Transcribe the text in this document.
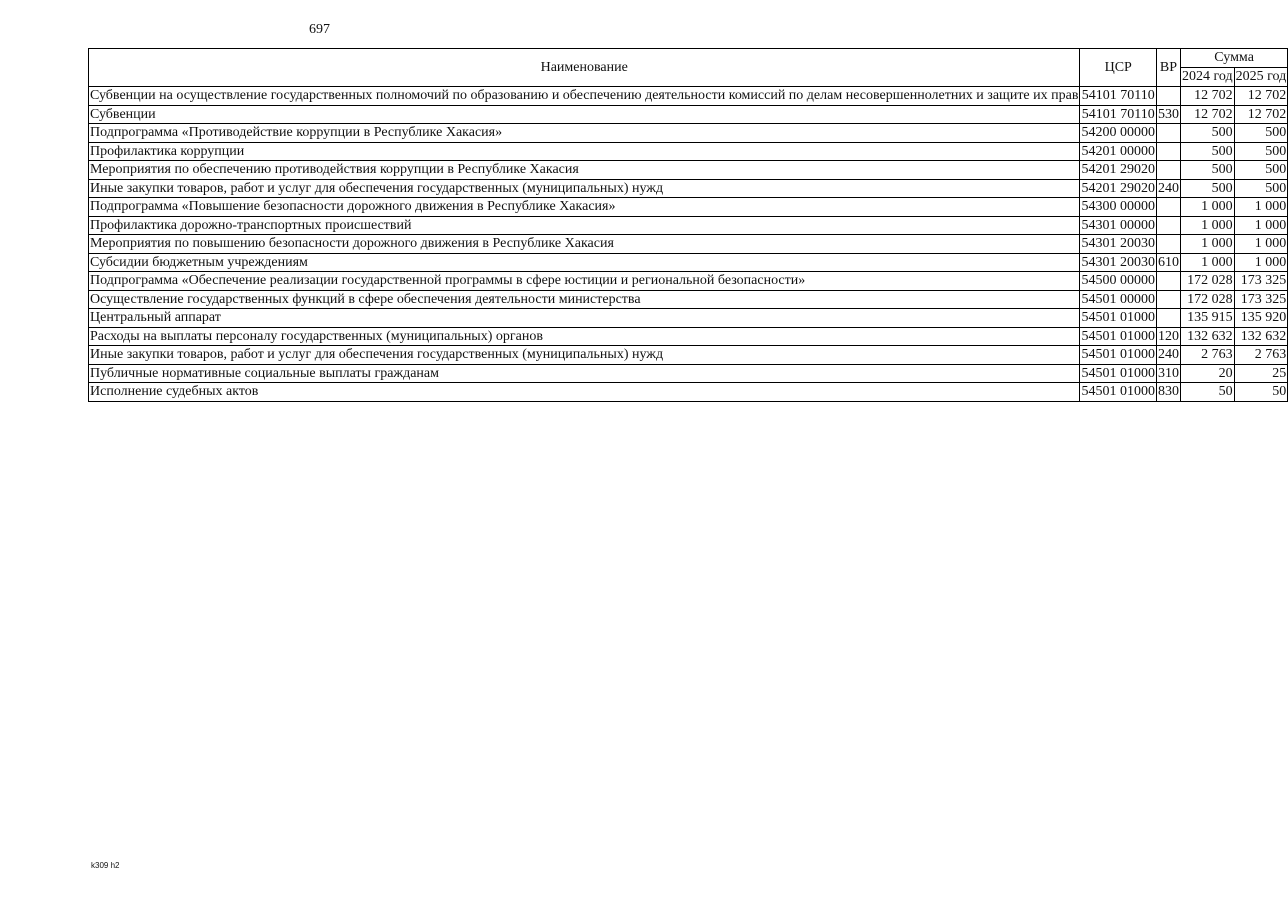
697
Наименование	ЦСР	ВР	Сумма	
			2024 год	2025 год
Субвенции на осуществление государственных полномочий по образованию и обеспечению деятельности комиссий по делам несовершеннолетних и защите их прав	54101 70110		12 702	12 702
Субвенции	54101 70110	530	12 702	12 702
Подпрограмма «Противодействие коррупции в Республике Хакасия»	54200 00000		500	500
Профилактика коррупции	54201 00000		500	500
Мероприятия по обеспечению противодействия коррупции в Республике Хакасия	54201 29020		500	500
Иные закупки товаров, работ и услуг для обеспечения государственных (муниципальных) нужд	54201 29020	240	500	500
Подпрограмма «Повышение безопасности дорожного движения в Республике Хакасия»	54300 00000		1 000	1 000
Профилактика дорожно-транспортных происшествий	54301 00000		1 000	1 000
Мероприятия по повышению безопасности дорожного движения в Республике Хакасия	54301 20030		1 000	1 000
Субсидии бюджетным учреждениям	54301 20030	610	1 000	1 000
Подпрограмма «Обеспечение реализации государственной программы в сфере юстиции и региональной безопасности»	54500 00000		172 028	173 325
Осуществление государственных функций в сфере обеспечения деятельности министерства	54501 00000		172 028	173 325
Центральный аппарат	54501 01000		135 915	135 920
Расходы на выплаты персоналу государственных (муниципальных) органов	54501 01000	120	132 632	132 632
Иные закупки товаров, работ и услуг для обеспечения государственных (муниципальных) нужд	54501 01000	240	2 763	2 763
Публичные нормативные социальные выплаты гражданам	54501 01000	310	20	25
Исполнение судебных актов	54501 01000	830	50	50
k309 h2
